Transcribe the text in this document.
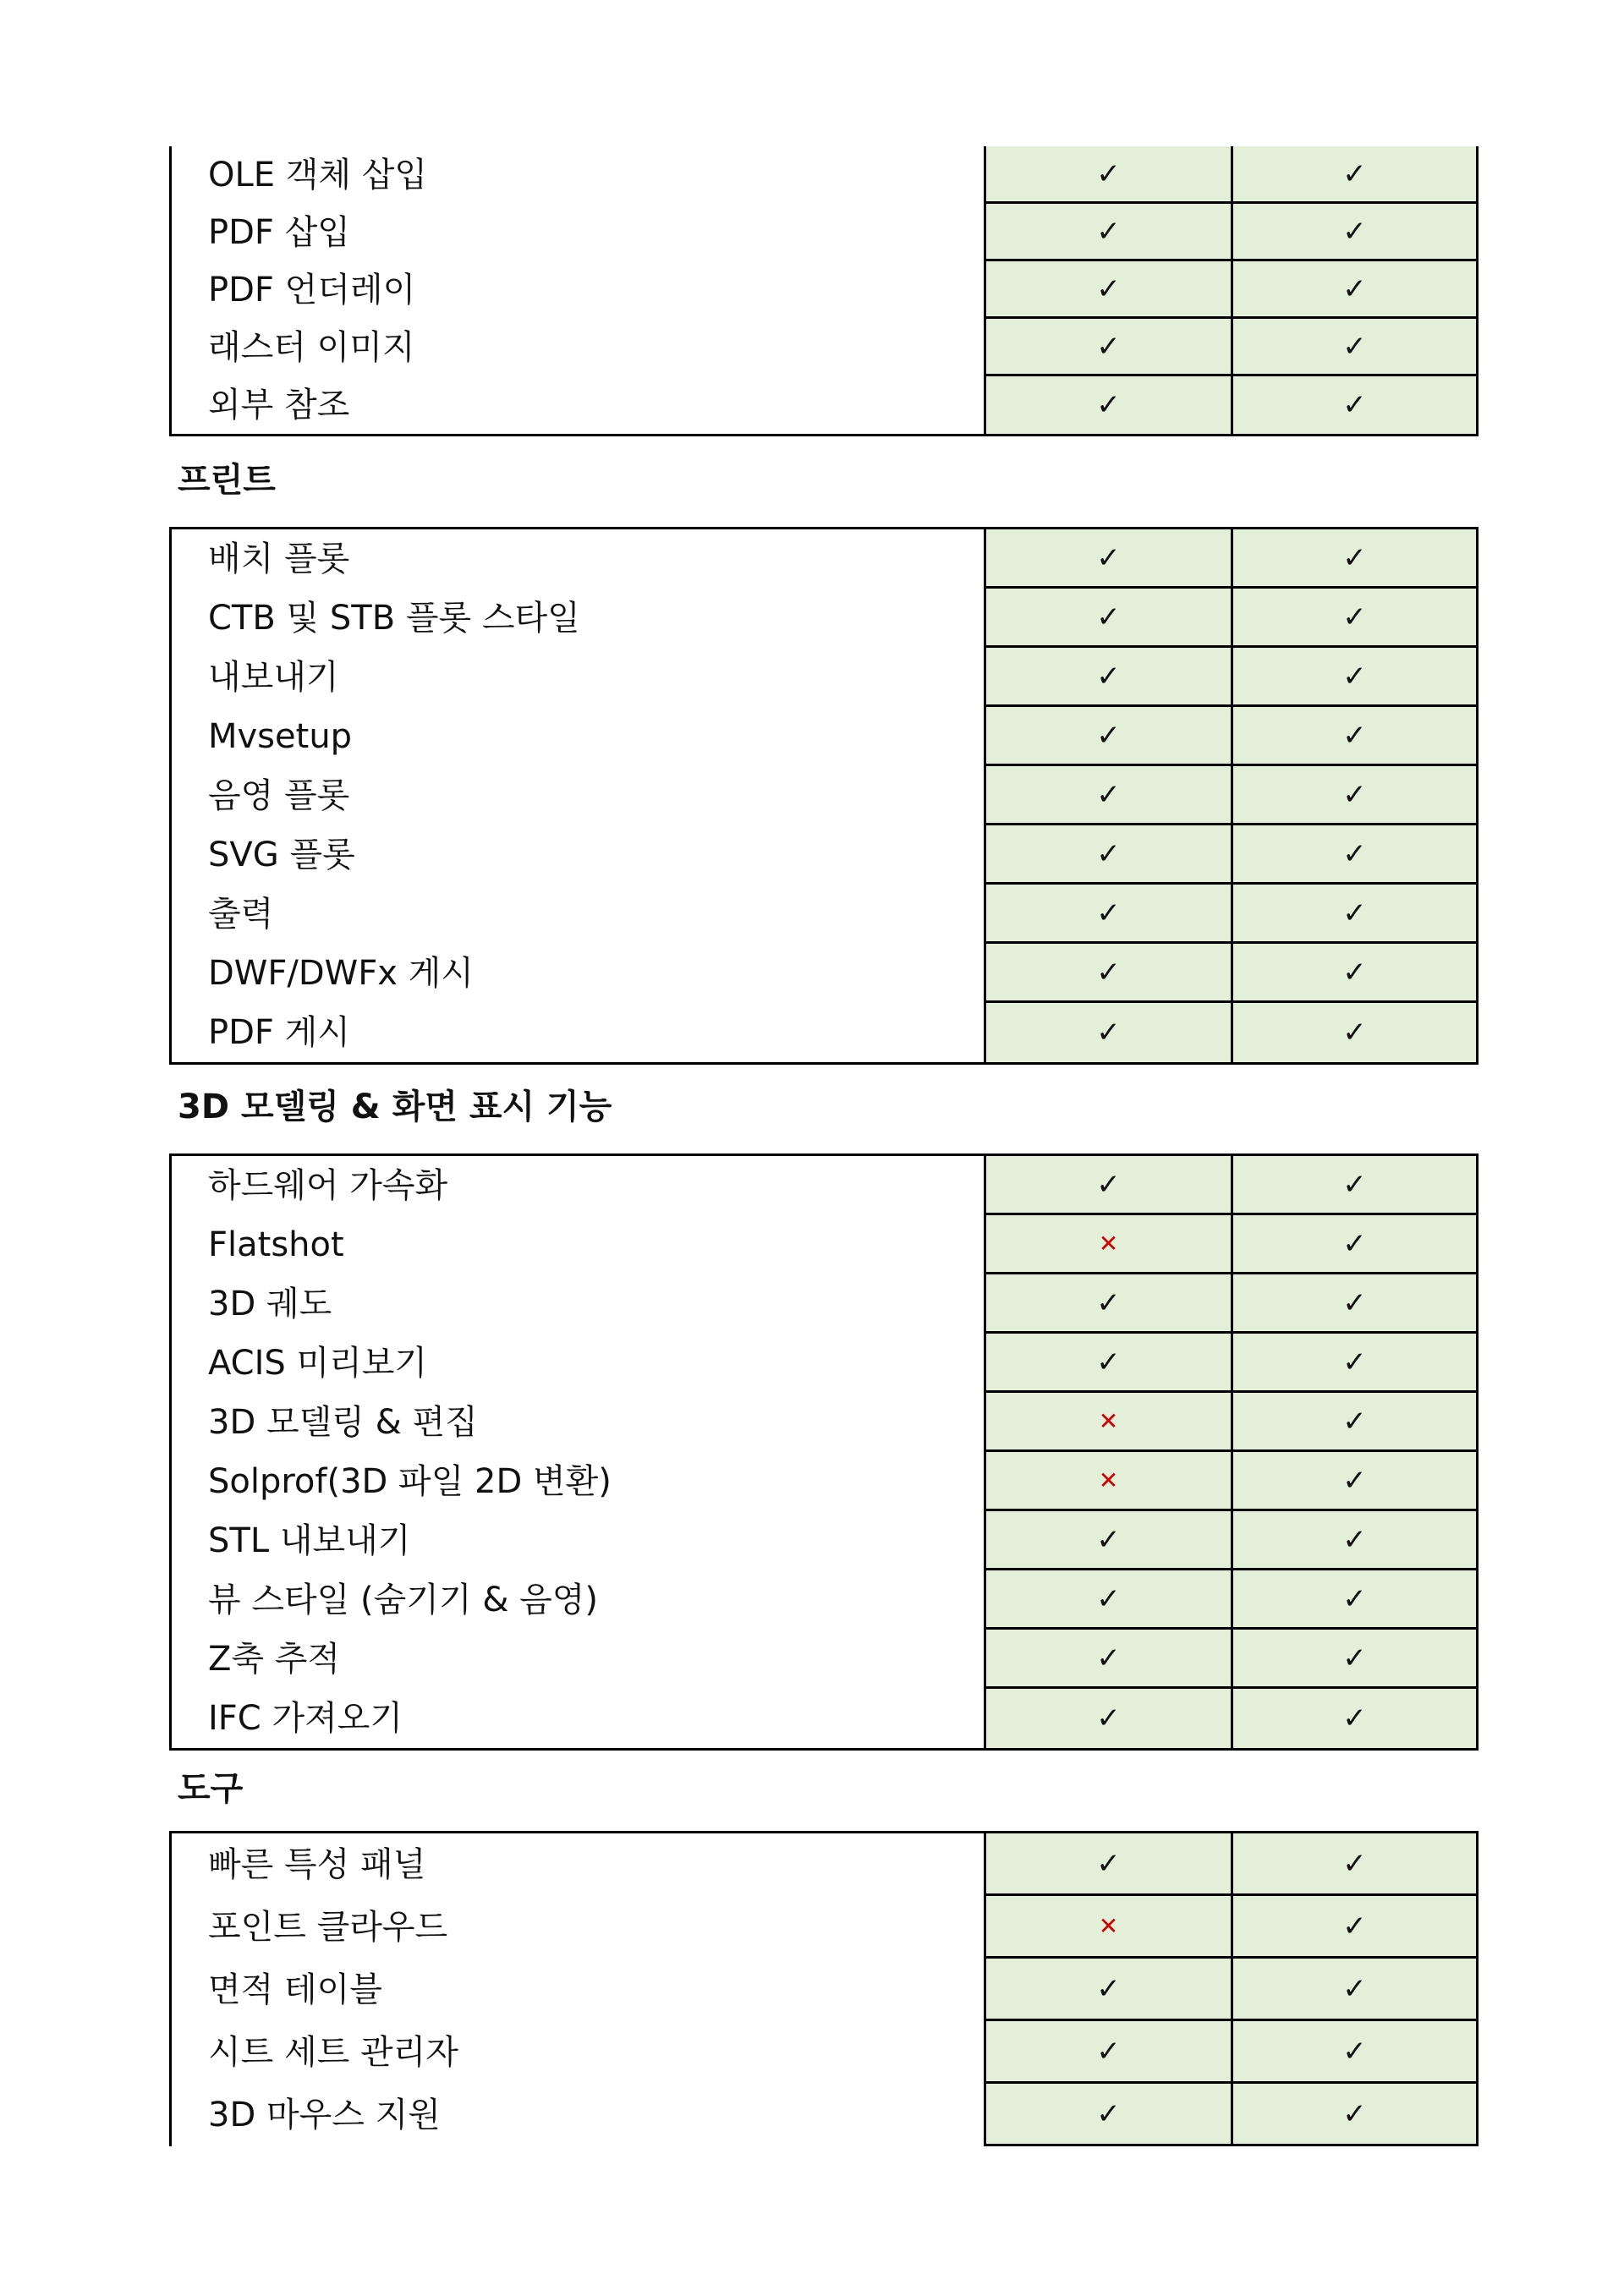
OLE 객체 삽입	✓	✓
PDF 삽입	✓	✓
PDF 언더레이	✓	✓
래스터 이미지	✓	✓
외부 참조	✓	✓
프린트
배치 플롯	✓	✓
CTB 및 STB 플롯 스타일	✓	✓
내보내기	✓	✓
Mvsetup	✓	✓
음영 플롯	✓	✓
SVG 플롯	✓	✓
출력	✓	✓
DWF/DWFx 게시	✓	✓
PDF 게시	✓	✓
3D 모델링 & 화면 표시 기능
하드웨어 가속화	✓	✓
Flatshot	✕	✓
3D 궤도	✓	✓
ACIS 미리보기	✓	✓
3D 모델링 & 편집	✕	✓
Solprof(3D 파일 2D 변환)	✕	✓
STL 내보내기	✓	✓
뷰 스타일 (숨기기 & 음영)	✓	✓
Z축 추적	✓	✓
IFC 가져오기	✓	✓
도구
빠른 특성 패널	✓	✓
포인트 클라우드	✕	✓
면적 테이블	✓	✓
시트 세트 관리자	✓	✓
3D 마우스 지원	✓	✓
